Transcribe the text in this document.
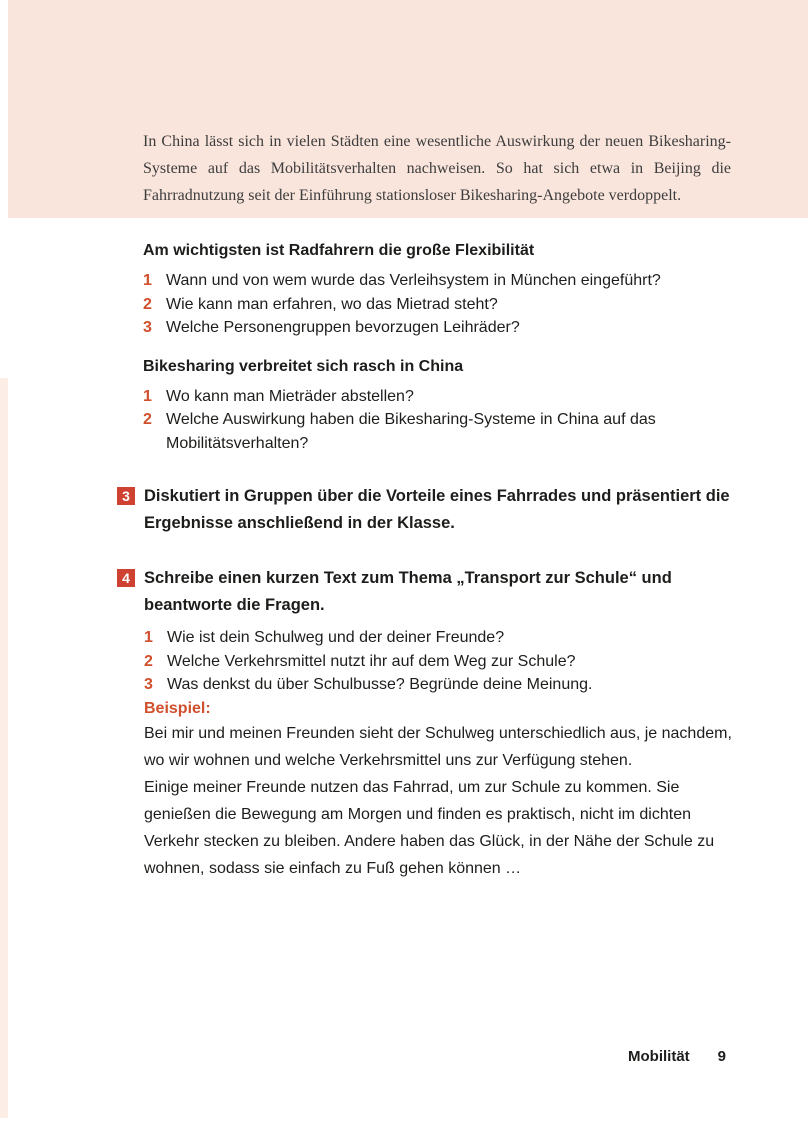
In China lässt sich in vielen Städten eine wesentliche Auswirkung der neuen Bikesharing-Systeme auf das Mobilitätsverhalten nachweisen. So hat sich etwa in Beijing die Fahrradnutzung seit der Einführung stationsloser Bikesharing-Angebote verdoppelt.

Am wichtigsten ist Radfahrern die große Flexibilität
1 Wann und von wem wurde das Verleihsystem in München eingeführt?
2 Wie kann man erfahren, wo das Mietrad steht?
3 Welche Personengruppen bevorzugen Leihräder?
Bikesharing verbreitet sich rasch in China
1 Wo kann man Mieträder abstellen?
2 Welche Auswirkung haben die Bikesharing-Systeme in China auf das Mobilitätsverhalten?
3 Diskutiert in Gruppen über die Vorteile eines Fahrrades und präsentiert die Ergebnisse anschließend in der Klasse.

4 Schreibe einen kurzen Text zum Thema „Transport zur Schule“ und beantworte die Fragen.

1 Wie ist dein Schulweg und der deiner Freunde?
2 Welche Verkehrsmittel nutzt ihr auf dem Weg zur Schule?
3 Was denkst du über Schulbusse? Begründe deine Meinung.
Beispiel:

Bei mir und meinen Freunden sieht der Schulweg unterschiedlich aus, je nachdem, wo wir wohnen und welche Verkehrsmittel uns zur Verfügung stehen.

Einige meiner Freunde nutzen das Fahrrad, um zur Schule zu kommen. Sie genießen die Bewegung am Morgen und finden es praktisch, nicht im dichten Verkehr stecken zu bleiben. Andere haben das Glück, in der Nähe der Schule zu wohnen, sodass sie einfach zu Fuß gehen können …

Mobilität 9
